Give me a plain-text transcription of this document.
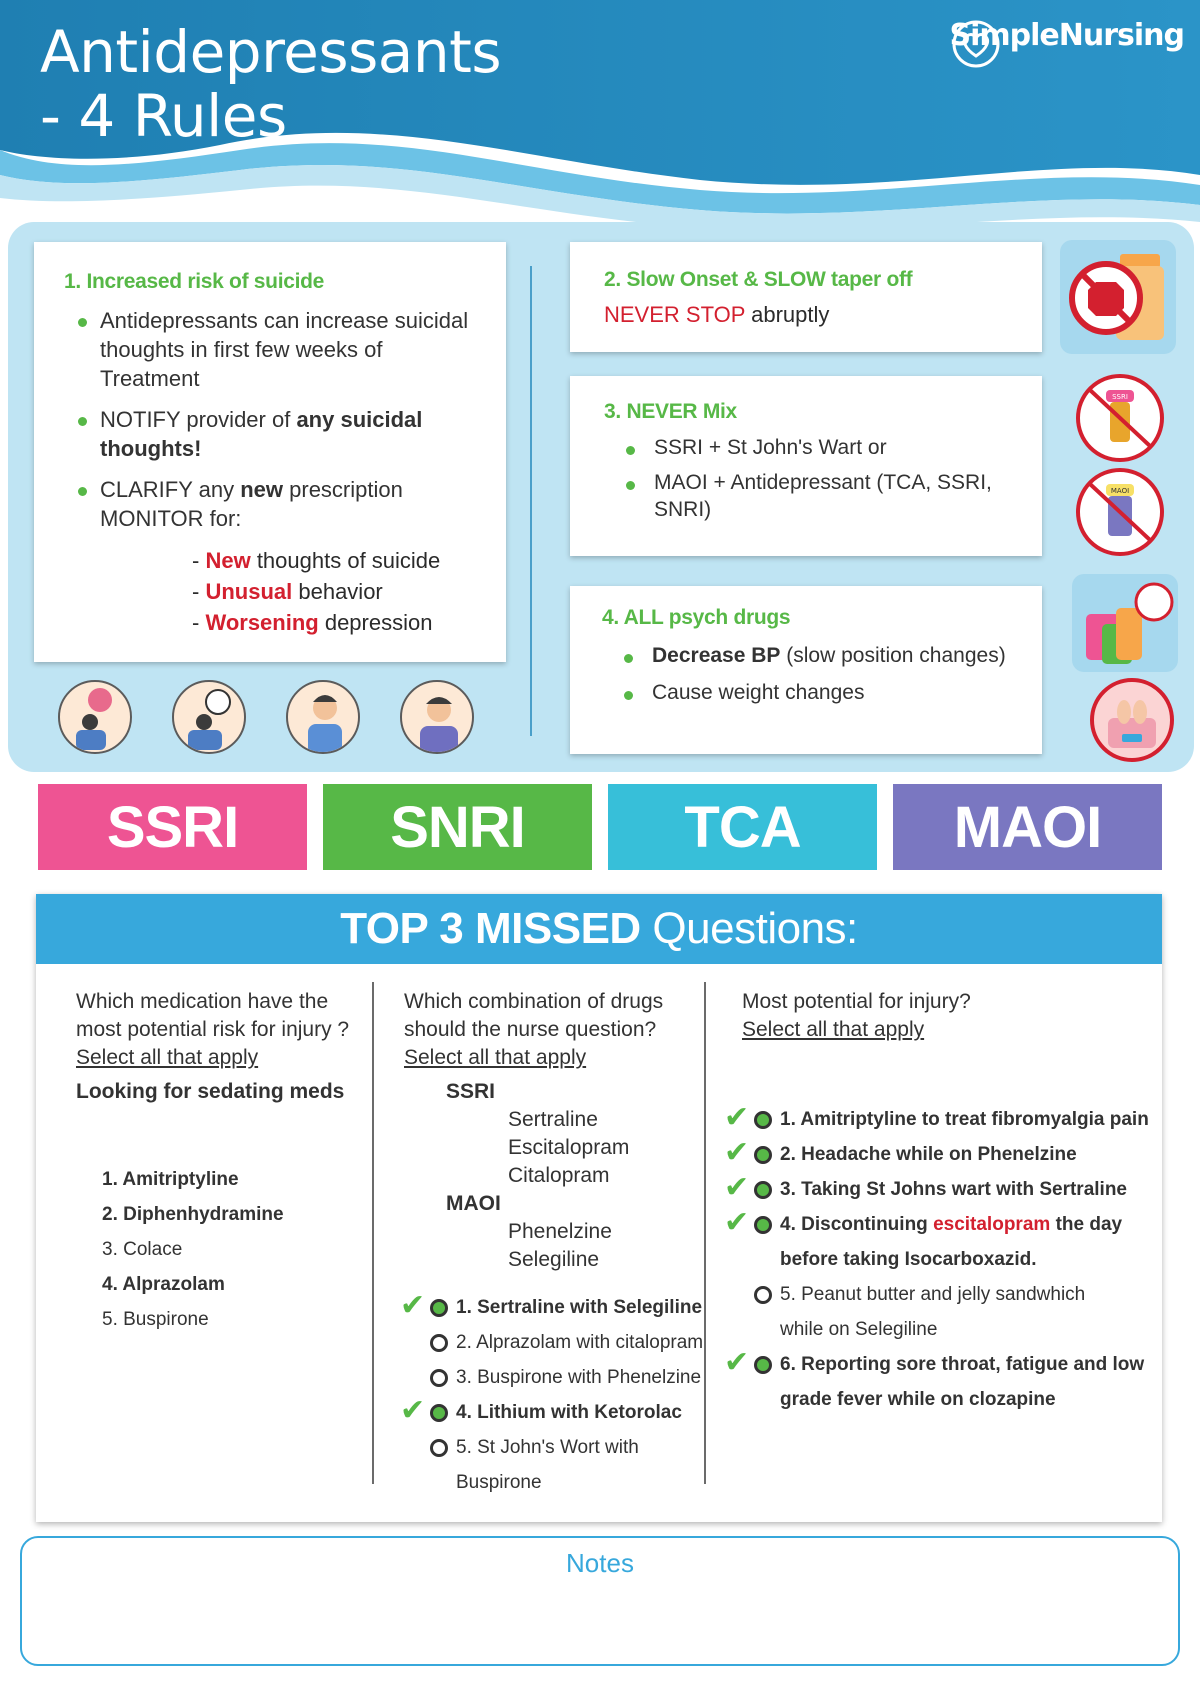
Antidepressants
- 4 Rules
SimpleNursing
1. Increased risk of suicide
Antidepressants can increase suicidal thoughts in first few weeks of Treatment
NOTIFY provider of any suicidal thoughts!
CLARIFY any new prescription
MONITOR for:
- New thoughts of suicide
- Unusual behavior
- Worsening depression
2. Slow Onset & SLOW taper off
NEVER STOP abruptly
3. NEVER Mix
SSRI + St John's Wart or
MAOI + Antidepressant (TCA, SSRI, SNRI)
4. ALL psych drugs
Decrease BP (slow position changes)
Cause weight changes
SSRI
MAOI
SSRI	SNRI	TCA	MAOI
TOP 3 MISSED Questions:
Which medication have the most potential risk for injury ?
Select all that apply
Looking for sedating meds
1. Amitriptyline
2. Diphenhydramine
3. Colace
4. Alprazolam
5. Buspirone
Which combination of drugs should the nurse question?
Select all that apply
SSRI
Sertraline
Escitalopram
Citalopram
MAOI
Phenelzine
Selegiline
✔ 1. Sertraline with Selegiline
2. Alprazolam with citalopram
3. Buspirone with Phenelzine
✔ 4. Lithium with Ketorolac
5. St John's Wort with
Buspirone
Most potential for injury?
Select all that apply
✔ 1. Amitriptyline to treat fibromyalgia pain
✔ 2. Headache while on Phenelzine
✔ 3. Taking St Johns wart with Sertraline
✔ 4. Discontinuing escitalopram the day
before taking Isocarboxazid.
5. Peanut butter and jelly sandwhich
while on Selegiline
✔ 6. Reporting sore throat, fatigue and low
grade fever while on clozapine
Notes
